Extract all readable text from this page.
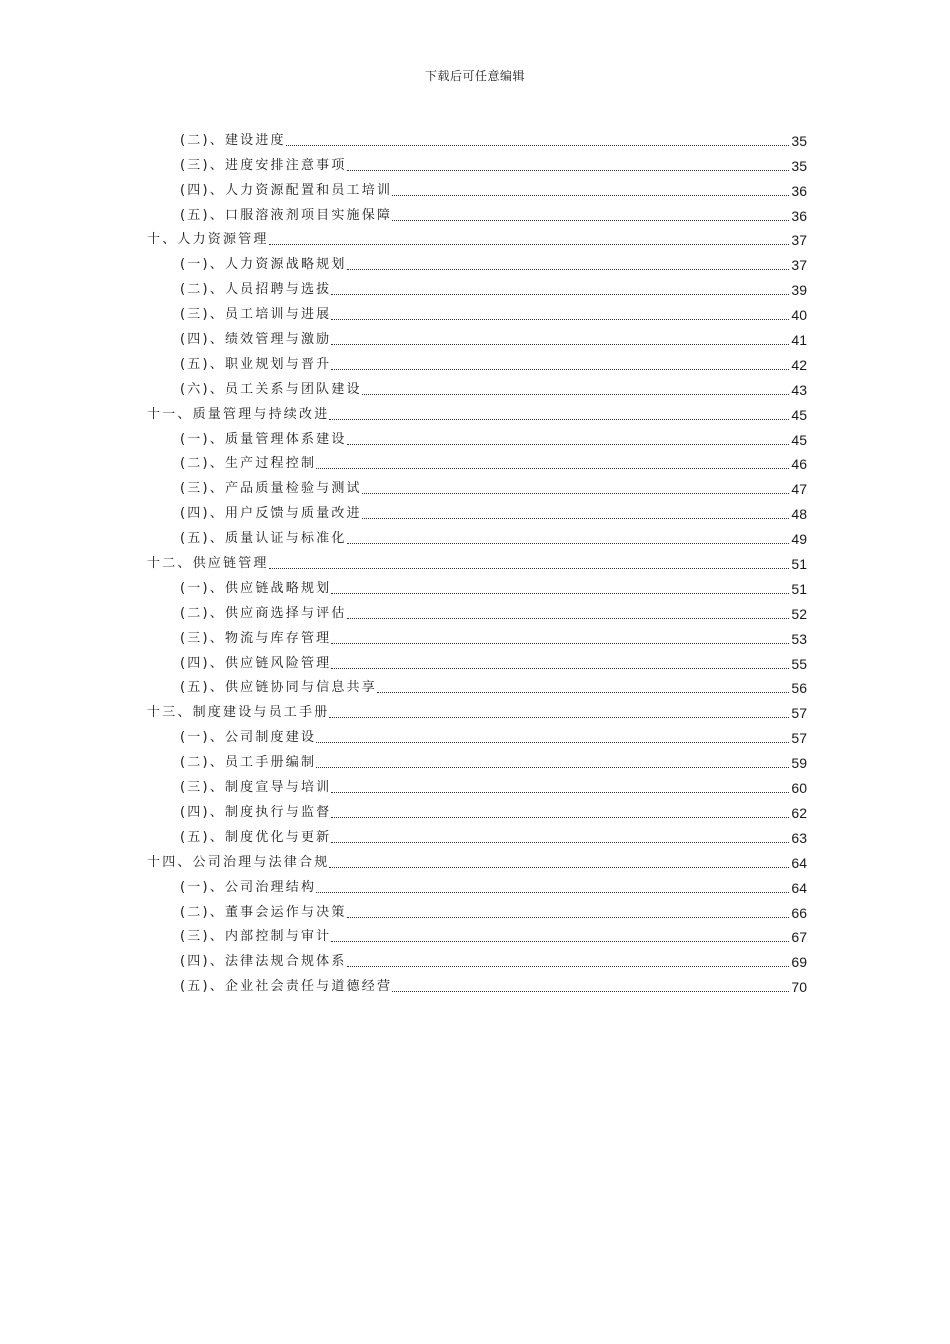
下载后可任意编辑
(二)、建设进度	35
(三)、进度安排注意事项	35
(四)、人力资源配置和员工培训	36
(五)、口服溶液剂项目实施保障	36
十、人力资源管理	37
(一)、人力资源战略规划	37
(二)、人员招聘与选拔	39
(三)、员工培训与进展	40
(四)、绩效管理与激励	41
(五)、职业规划与晋升	42
(六)、员工关系与团队建设	43
十一、质量管理与持续改进	45
(一)、质量管理体系建设	45
(二)、生产过程控制	46
(三)、产品质量检验与测试	47
(四)、用户反馈与质量改进	48
(五)、质量认证与标准化	49
十二、供应链管理	51
(一)、供应链战略规划	51
(二)、供应商选择与评估	52
(三)、物流与库存管理	53
(四)、供应链风险管理	55
(五)、供应链协同与信息共享	56
十三、制度建设与员工手册	57
(一)、公司制度建设	57
(二)、员工手册编制	59
(三)、制度宣导与培训	60
(四)、制度执行与监督	62
(五)、制度优化与更新	63
十四、公司治理与法律合规	64
(一)、公司治理结构	64
(二)、董事会运作与决策	66
(三)、内部控制与审计	67
(四)、法律法规合规体系	69
(五)、企业社会责任与道德经营	70
